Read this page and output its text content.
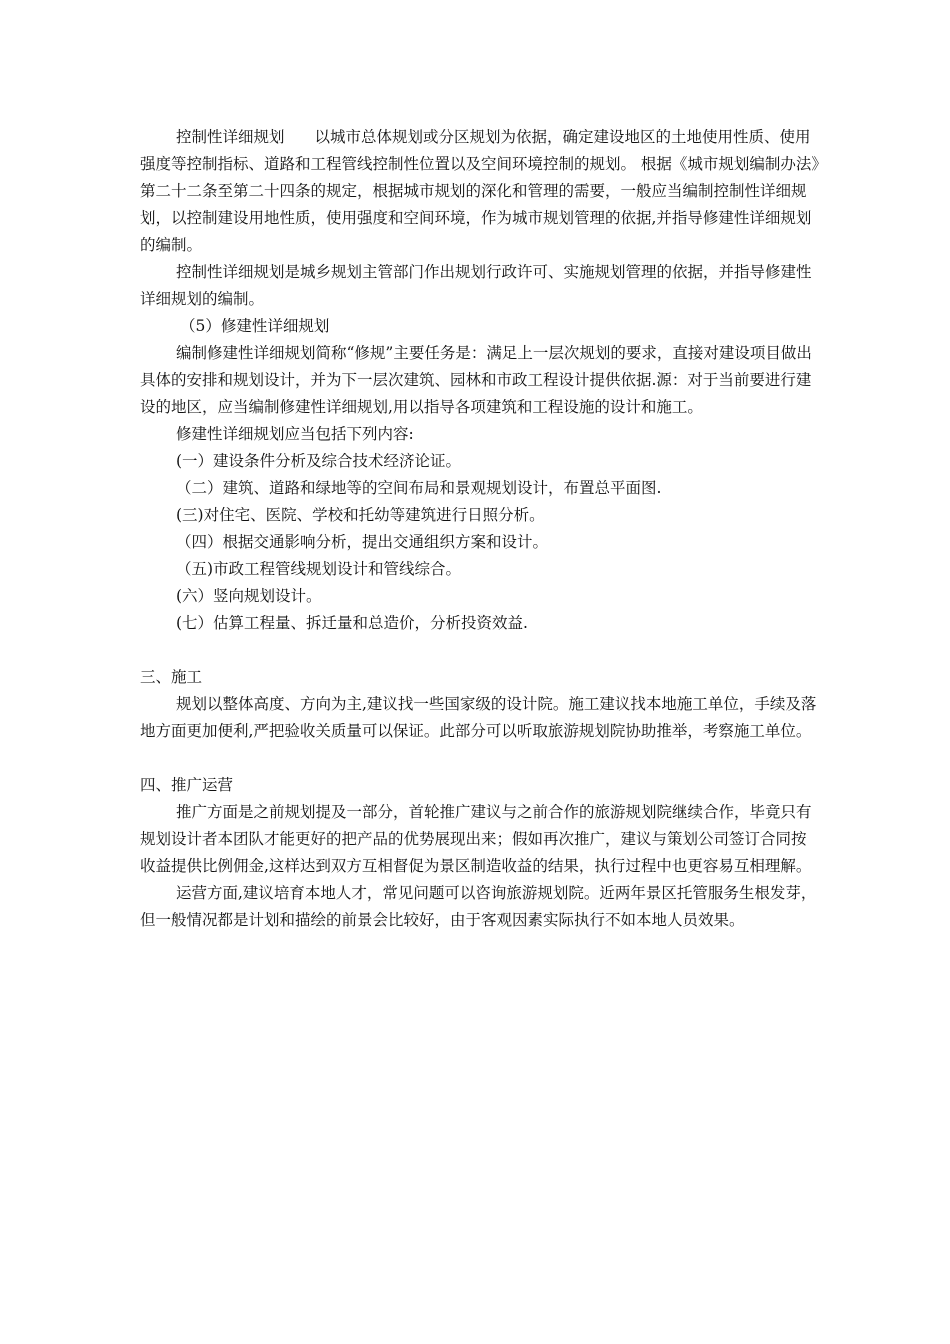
控制性详细规划 以城市总体规划或分区规划为依据，确定建设地区的土地使用性质、使用强度等控制指标、道路和工程管线控制性位置以及空间环境控制的规划。 根据《城市规划编制办法》第二十二条至第二十四条的规定，根据城市规划的深化和管理的需要，一般应当编制控制性详细规划，以控制建设用地性质，使用强度和空间环境，作为城市规划管理的依据,并指导修建性详细规划的编制。

控制性详细规划是城乡规划主管部门作出规划行政许可、实施规划管理的依据，并指导修建性详细规划的编制。

（5）修建性详细规划

编制修建性详细规划简称“修规”主要任务是：满足上一层次规划的要求，直接对建设项目做出具体的安排和规划设计，并为下一层次建筑、园林和市政工程设计提供依据.源：对于当前要进行建设的地区，应当编制修建性详细规划,用以指导各项建筑和工程设施的设计和施工。

修建性详细规划应当包括下列内容:

(一）建设条件分析及综合技术经济论证。

（二）建筑、道路和绿地等的空间布局和景观规划设计，布置总平面图.

(三)对住宅、医院、学校和托幼等建筑进行日照分析。

（四）根据交通影响分析，提出交通组织方案和设计。

（五)市政工程管线规划设计和管线综合。

(六）竖向规划设计。

(七）估算工程量、拆迁量和总造价，分析投资效益.

三、施工

规划以整体高度、方向为主,建议找一些国家级的设计院。施工建议找本地施工单位，手续及落地方面更加便利,严把验收关质量可以保证。此部分可以听取旅游规划院协助推举，考察施工单位。

四、推广运营

推广方面是之前规划提及一部分，首轮推广建议与之前合作的旅游规划院继续合作，毕竟只有规划设计者本团队才能更好的把产品的优势展现出来；假如再次推广，建议与策划公司签订合同按收益提供比例佣金,这样达到双方互相督促为景区制造收益的结果，执行过程中也更容易互相理解。

运营方面,建议培育本地人才，常见问题可以咨询旅游规划院。近两年景区托管服务生根发芽，但一般情况都是计划和描绘的前景会比较好，由于客观因素实际执行不如本地人员效果。
